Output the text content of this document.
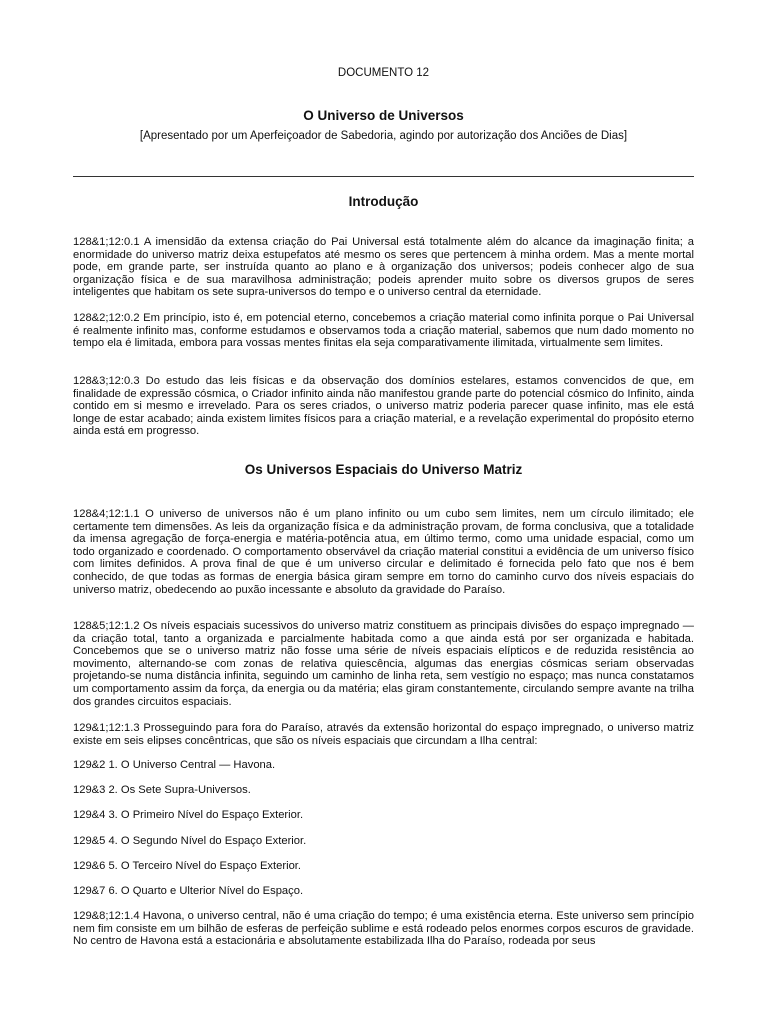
DOCUMENTO 12
O Universo de Universos
[Apresentado por um Aperfeiçoador de Sabedoria, agindo por autorização dos Anciões de Dias]
Introdução

128&1;12:0.1 A imensidão da extensa criação do Pai Universal está totalmente além do alcance da imaginação finita; a enormidade do universo matriz deixa estupefatos até mesmo os seres que pertencem à minha ordem. Mas a mente mortal pode, em grande parte, ser instruída quanto ao plano e à organização dos universos; podeis conhecer algo de sua organização física e de sua maravilhosa administração; podeis aprender muito sobre os diversos grupos de seres inteligentes que habitam os sete supra-universos do tempo e o universo central da eternidade.

128&2;12:0.2 Em princípio, isto é, em potencial eterno, concebemos a criação material como infinita porque o Pai Universal é realmente infinito mas, conforme estudamos e observamos toda a criação material, sabemos que num dado momento no tempo ela é limitada, embora para vossas mentes finitas ela seja comparativamente ilimitada, virtualmente sem limites.

128&3;12:0.3 Do estudo das leis físicas e da observação dos domínios estelares, estamos convencidos de que, em finalidade de expressão cósmica, o Criador infinito ainda não manifestou grande parte do potencial cósmico do Infinito, ainda contido em si mesmo e irrevelado. Para os seres criados, o universo matriz poderia parecer quase infinito, mas ele está longe de estar acabado; ainda existem limites físicos para a criação material, e a revelação experimental do propósito eterno ainda está em progresso.

Os Universos Espaciais do Universo Matriz

128&4;12:1.1 O universo de universos não é um plano infinito ou um cubo sem limites, nem um círculo ilimitado; ele certamente tem dimensões. As leis da organização física e da administração provam, de forma conclusiva, que a totalidade da imensa agregação de força-energia e matéria-potência atua, em último termo, como uma unidade espacial, como um todo organizado e coordenado. O comportamento observável da criação material constitui a evidência de um universo físico com limites definidos. A prova final de que é um universo circular e delimitado é fornecida pelo fato que nos é bem conhecido, de que todas as formas de energia básica giram sempre em torno do caminho curvo dos níveis espaciais do universo matriz, obedecendo ao puxão incessante e absoluto da gravidade do Paraíso.

128&5;12:1.2 Os níveis espaciais sucessivos do universo matriz constituem as principais divisões do espaço impregnado — da criação total, tanto a organizada e parcialmente habitada como a que ainda está por ser organizada e habitada. Concebemos que se o universo matriz não fosse uma série de níveis espaciais elípticos e de reduzida resistência ao movimento, alternando-se com zonas de relativa quiescência, algumas das energias cósmicas seriam observadas projetando-se numa distância infinita, seguindo um caminho de linha reta, sem vestígio no espaço; mas nunca constatamos um comportamento assim da força, da energia ou da matéria; elas giram constantemente, circulando sempre avante na trilha dos grandes circuitos espaciais.

129&1;12:1.3 Prosseguindo para fora do Paraíso, através da extensão horizontal do espaço impregnado, o universo matriz existe em seis elipses concêntricas, que são os níveis espaciais que circundam a Ilha central:

129&2 1. O Universo Central — Havona.

129&3 2. Os Sete Supra-Universos.

129&4 3. O Primeiro Nível do Espaço Exterior.

129&5 4. O Segundo Nível do Espaço Exterior.

129&6 5. O Terceiro Nível do Espaço Exterior.

129&7 6. O Quarto e Ulterior Nível do Espaço.

129&8;12:1.4 Havona, o universo central, não é uma criação do tempo; é uma existência eterna. Este universo sem princípio nem fim consiste em um bilhão de esferas de perfeição sublime e está rodeado pelos enormes corpos escuros de gravidade. No centro de Havona está a estacionária e absolutamente estabilizada Ilha do Paraíso, rodeada por seus
